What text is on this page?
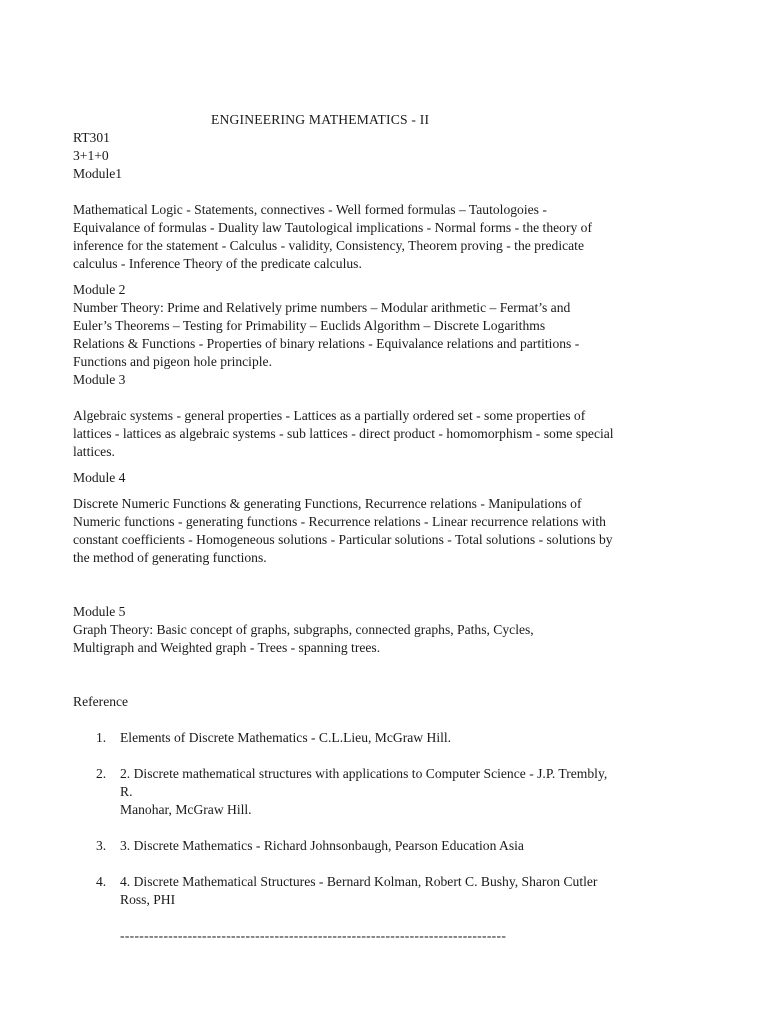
ENGINEERING MATHEMATICS - II
RT301
3+1+0
Module1
Mathematical Logic - Statements, connectives - Well formed formulas – Tautologoies -
Equivalance of formulas - Duality law Tautological implications - Normal forms - the theory of
inference for the statement - Calculus - validity, Consistency, Theorem proving - the predicate
calculus - Inference Theory of the predicate calculus.
Module 2
Number Theory: Prime and Relatively prime numbers – Modular arithmetic – Fermat’s and
Euler’s Theorems – Testing for Primability – Euclids Algorithm – Discrete Logarithms
Relations & Functions - Properties of binary relations - Equivalance relations and partitions -
Functions and pigeon hole principle.
Module 3
Algebraic systems - general properties - Lattices as a partially ordered set - some properties of
lattices - lattices as algebraic systems - sub lattices - direct product - homomorphism - some special
lattices.
Module 4
Discrete Numeric Functions & generating Functions, Recurrence relations - Manipulations of
Numeric functions - generating functions - Recurrence relations - Linear recurrence relations with
constant coefficients - Homogeneous solutions - Particular solutions - Total solutions - solutions by
the method of generating functions.
Module 5
Graph Theory: Basic concept of graphs, subgraphs, connected graphs, Paths, Cycles,
Multigraph and Weighted graph - Trees - spanning trees.
Reference
1. Elements of Discrete Mathematics - C.L.Lieu, McGraw Hill.
2. 2. Discrete mathematical structures with applications to Computer Science - J.P. Trembly,
R.
Manohar, McGraw Hill.
3. 3. Discrete Mathematics - Richard Johnsonbaugh, Pearson Education Asia
4. 4. Discrete Mathematical Structures - Bernard Kolman, Robert C. Bushy, Sharon Cutler
Ross, PHI
--------------------------------------------------------------------------------
